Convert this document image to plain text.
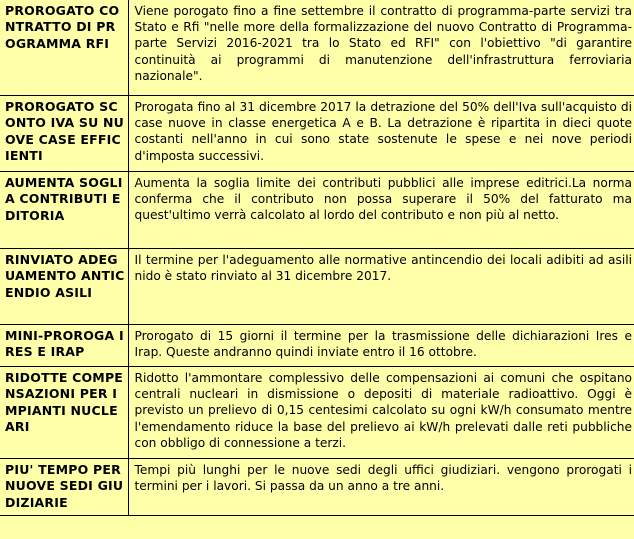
PROROGATO CONTRATTO DI PROGRAMMA RFI	Viene porogato fino a fine settembre il contratto di programma-parte servizi tra Stato e Rfi "nelle more della formalizzazione del nuovo Contratto di Programma-parte Servizi 2016-2021 tra lo Stato ed RFI" con l'obiettivo "di garantire continuità ai programmi di manutenzione dell'infrastruttura ferroviaria nazionale".
PROROGATO SCONTO IVA SU NUOVE CASE EFFICIENTI	Prorogata fino al 31 dicembre 2017 la detrazione del 50% dell'Iva sull'acquisto di case nuove in classe energetica A e B. La detrazione è ripartita in dieci quote costanti nell'anno in cui sono state sostenute le spese e nei nove periodi d'imposta successivi.
AUMENTA SOGLIA CONTRIBUTI EDITORIA	Aumenta la soglia limite dei contributi pubblici alle imprese editrici.La norma conferma che il contributo non possa superare il 50% del fatturato ma quest'ultimo verrà calcolato al lordo del contributo e non più al netto.
RINVIATO ADEGUAMENTO ANTICENDIO ASILI	Il termine per l'adeguamento alle normative antincendio dei locali adibiti ad asili nido è stato rinviato al 31 dicembre 2017.
MINI-PROROGA IRES E IRAP	Prorogato di 15 giorni il termine per la trasmissione delle dichiarazioni Ires e Irap. Queste andranno quindi inviate entro il 16 ottobre.
RIDOTTE COMPENSAZIONI PER IMPIANTI NUCLEARI	Ridotto l'ammontare complessivo delle compensazioni ai comuni che ospitano centrali nucleari in dismissione o depositi di materiale radioattivo. Oggi è previsto un prelievo di 0,15 centesimi calcolato su ogni kW/h consumato mentre l'emendamento riduce la base del prelievo ai kW/h prelevati dalle reti pubbliche con obbligo di connessione a terzi.
PIU' TEMPO PER NUOVE SEDI GIUDIZIARIE	Tempi più lunghi per le nuove sedi degli uffici giudiziari. vengono prorogati i termini per i lavori. Si passa da un anno a tre anni.
